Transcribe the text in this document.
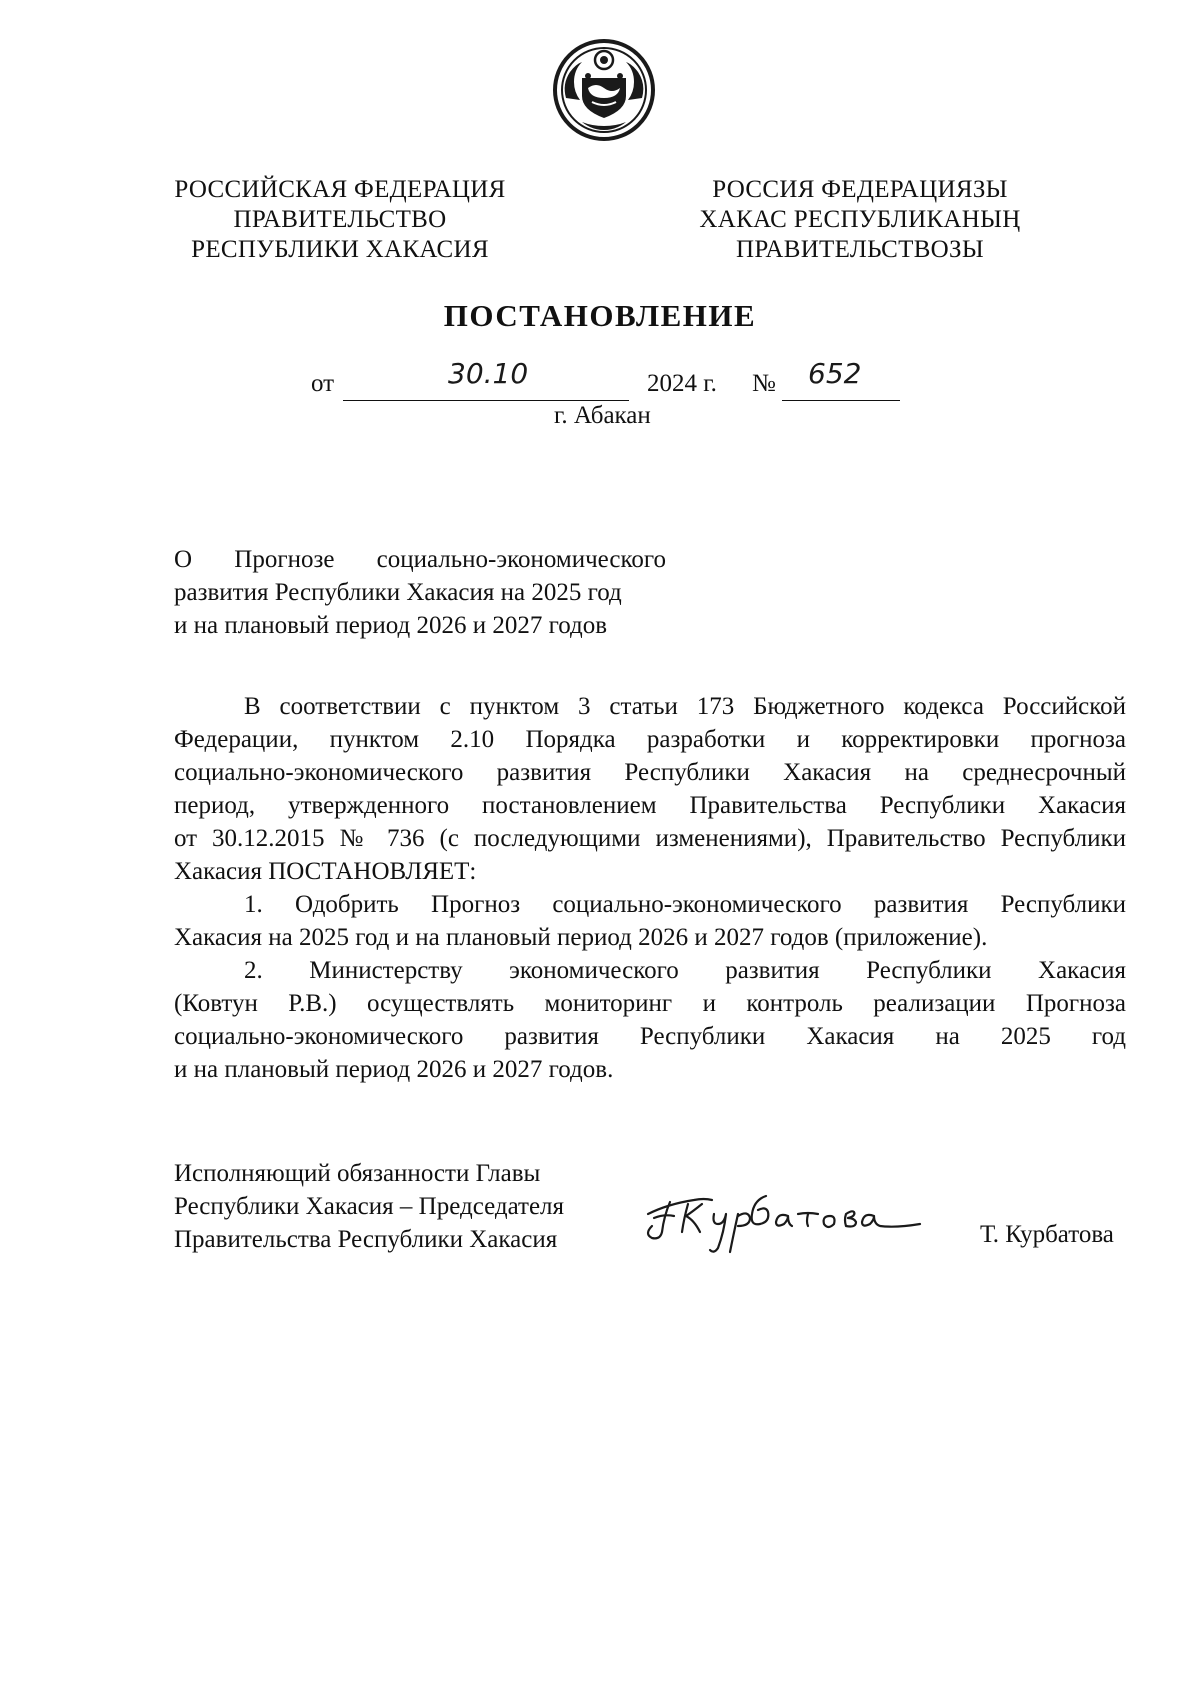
РОССИЙСКАЯ ФЕДЕРАЦИЯ
ПРАВИТЕЛЬСТВО
РЕСПУБЛИКИ ХАКАСИЯ
РОССИЯ ФЕДЕРАЦИЯЗЫ
ХАКАС РЕСПУБЛИКАНЫҢ
ПРАВИТЕЛЬСТВОЗЫ
ПОСТАНОВЛЕНИЕ
от	30.10	2024 г. № 652
г. Абакан
О Прогнозе социально-экономического
развития Республики Хакасия на 2025 год
и на плановый период 2026 и 2027 годов

В соответствии с пунктом 3 статьи 173 Бюджетного кодекса Российской

Федерации, пунктом 2.10 Порядка разработки и корректировки прогноза

социально-экономического развития Республики Хакасия на среднесрочный

период, утвержденного постановлением Правительства Республики Хакасия

от 30.12.2015 № 736 (с последующими изменениями), Правительство Республики

Хакасия ПОСТАНОВЛЯЕТ:

1. Одобрить Прогноз социально-экономического развития Республики

Хакасия на 2025 год и на плановый период 2026 и 2027 годов (приложение).

2. Министерству экономического развития Республики Хакасия

(Ковтун Р.В.) осуществлять мониторинг и контроль реализации Прогноза

социально-экономического развития Республики Хакасия на 2025 год

и на плановый период 2026 и 2027 годов.

Исполняющий обязанности Главы
Республики Хакасия – Председателя
Правительства Республики Хакасия	Т. Курбатова
